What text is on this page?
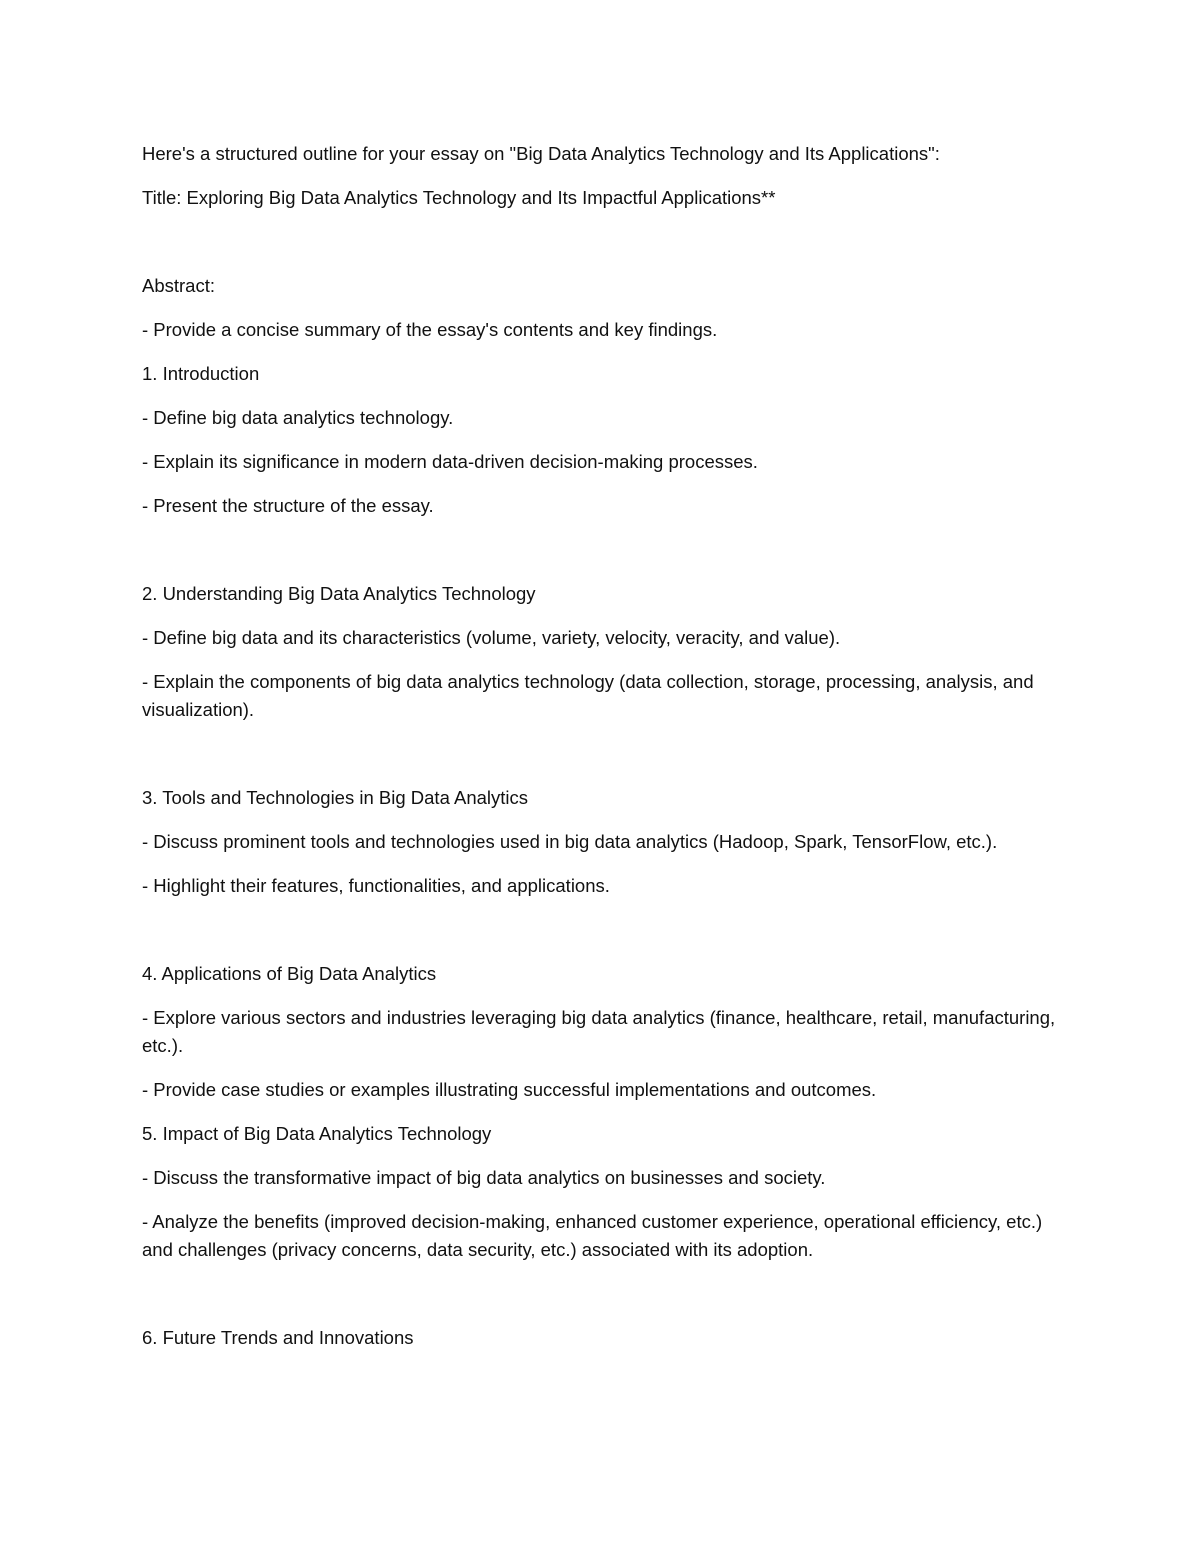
Here's a structured outline for your essay on "Big Data Analytics Technology and Its Applications":

Title: Exploring Big Data Analytics Technology and Its Impactful Applications**

Abstract:

- Provide a concise summary of the essay's contents and key findings.

1. Introduction

- Define big data analytics technology.

- Explain its significance in modern data-driven decision-making processes.

- Present the structure of the essay.

2. Understanding Big Data Analytics Technology

- Define big data and its characteristics (volume, variety, velocity, veracity, and value).

- Explain the components of big data analytics technology (data collection, storage, processing, analysis, and visualization).

3. Tools and Technologies in Big Data Analytics

- Discuss prominent tools and technologies used in big data analytics (Hadoop, Spark, TensorFlow, etc.).

- Highlight their features, functionalities, and applications.

4. Applications of Big Data Analytics

- Explore various sectors and industries leveraging big data analytics (finance, healthcare, retail, manufacturing, etc.).

- Provide case studies or examples illustrating successful implementations and outcomes.

5. Impact of Big Data Analytics Technology

- Discuss the transformative impact of big data analytics on businesses and society.

- Analyze the benefits (improved decision-making, enhanced customer experience, operational efficiency, etc.) and challenges (privacy concerns, data security, etc.) associated with its adoption.

6. Future Trends and Innovations
